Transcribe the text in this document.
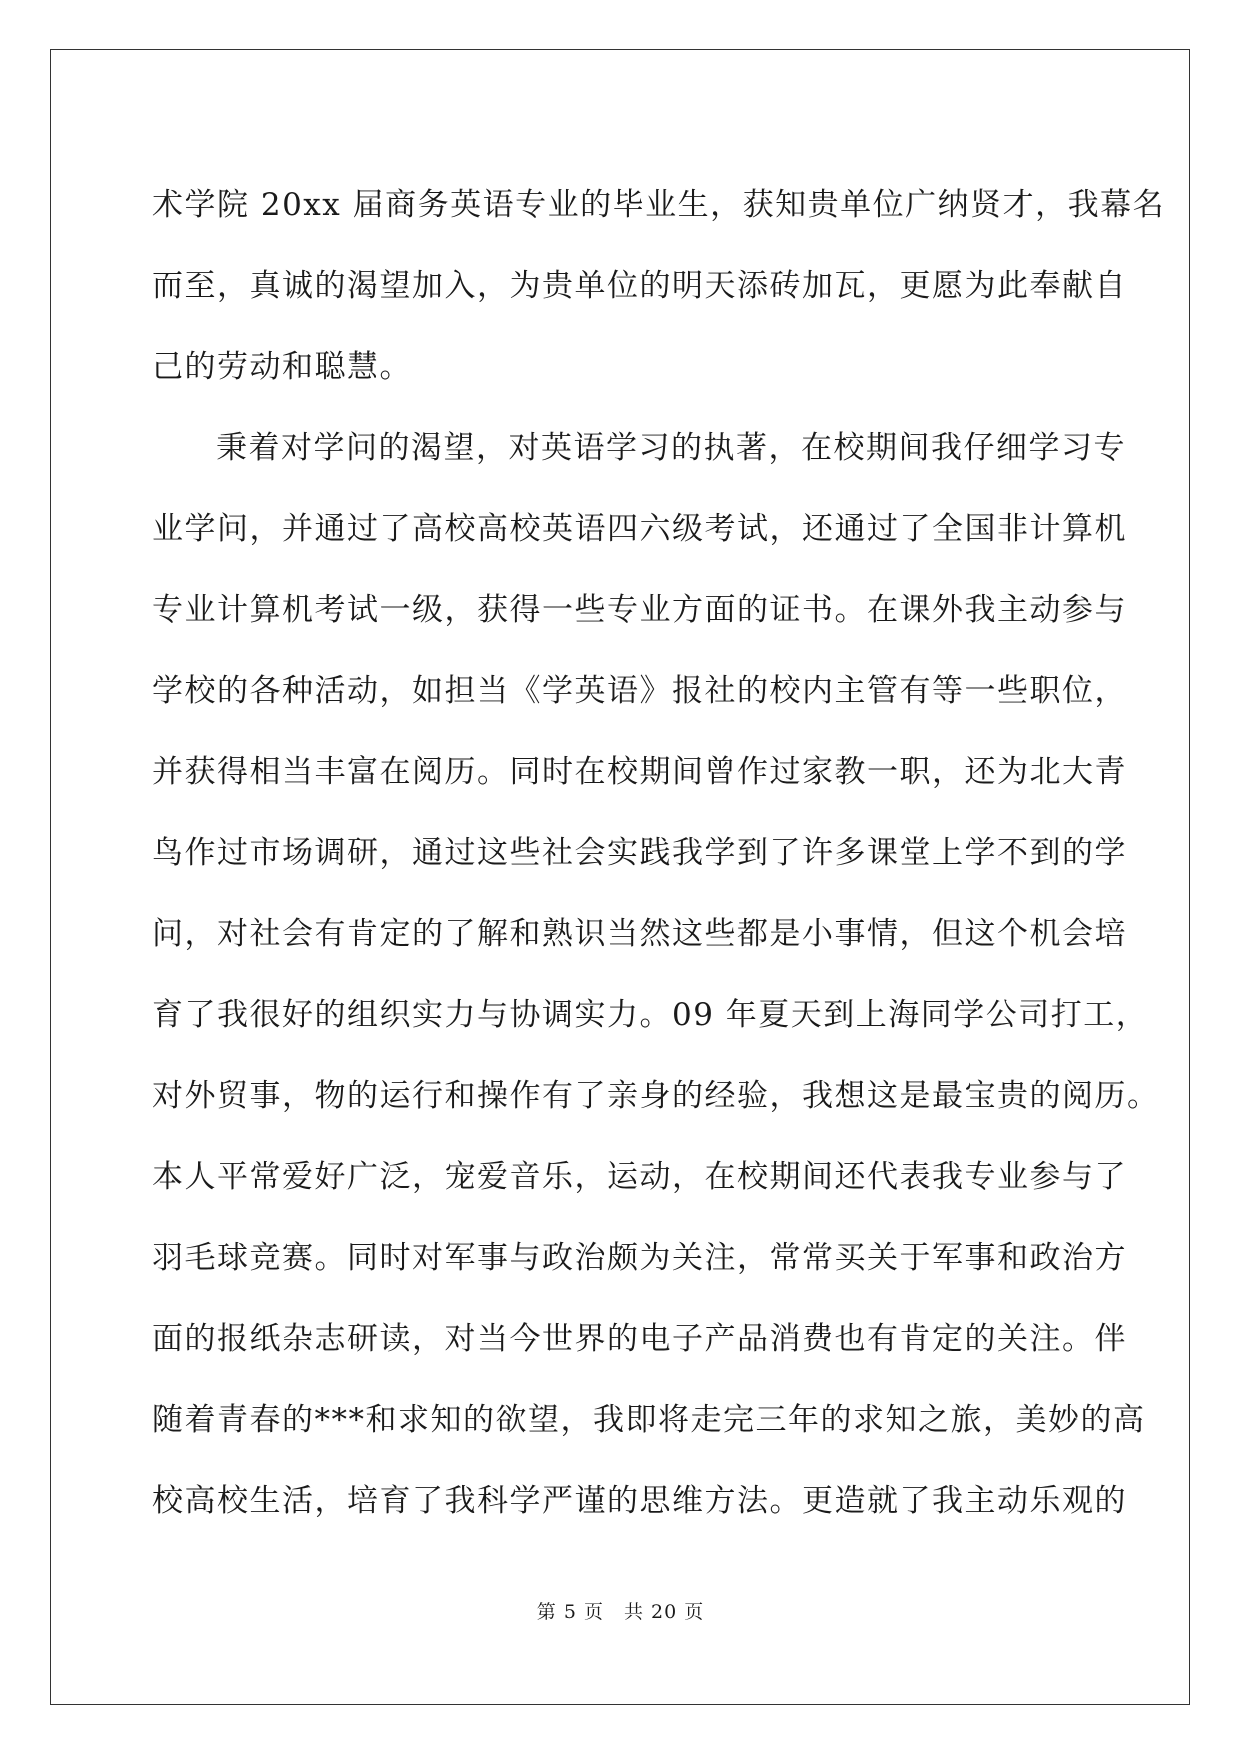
术学院 20xx 届商务英语专业的毕业生，获知贵单位广纳贤才，我幕名
而至，真诚的渴望加入，为贵单位的明天添砖加瓦，更愿为此奉献自
己的劳动和聪慧。
秉着对学问的渴望，对英语学习的执著，在校期间我仔细学习专
业学问，并通过了高校高校英语四六级考试，还通过了全国非计算机
专业计算机考试一级，获得一些专业方面的证书。在课外我主动参与
学校的各种活动，如担当《学英语》报社的校内主管有等一些职位，
并获得相当丰富在阅历。同时在校期间曾作过家教一职，还为北大青
鸟作过市场调研，通过这些社会实践我学到了许多课堂上学不到的学
问，对社会有肯定的了解和熟识当然这些都是小事情，但这个机会培
育了我很好的组织实力与协调实力。09 年夏天到上海同学公司打工，
对外贸事，物的运行和操作有了亲身的经验，我想这是最宝贵的阅历。
本人平常爱好广泛，宠爱音乐，运动，在校期间还代表我专业参与了
羽毛球竞赛。同时对军事与政治颇为关注，常常买关于军事和政治方
面的报纸杂志研读，对当今世界的电子产品消费也有肯定的关注。伴
随着青春的***和求知的欲望，我即将走完三年的求知之旅，美妙的高
校高校生活，培育了我科学严谨的思维方法。更造就了我主动乐观的
第 5 页　共 20 页
